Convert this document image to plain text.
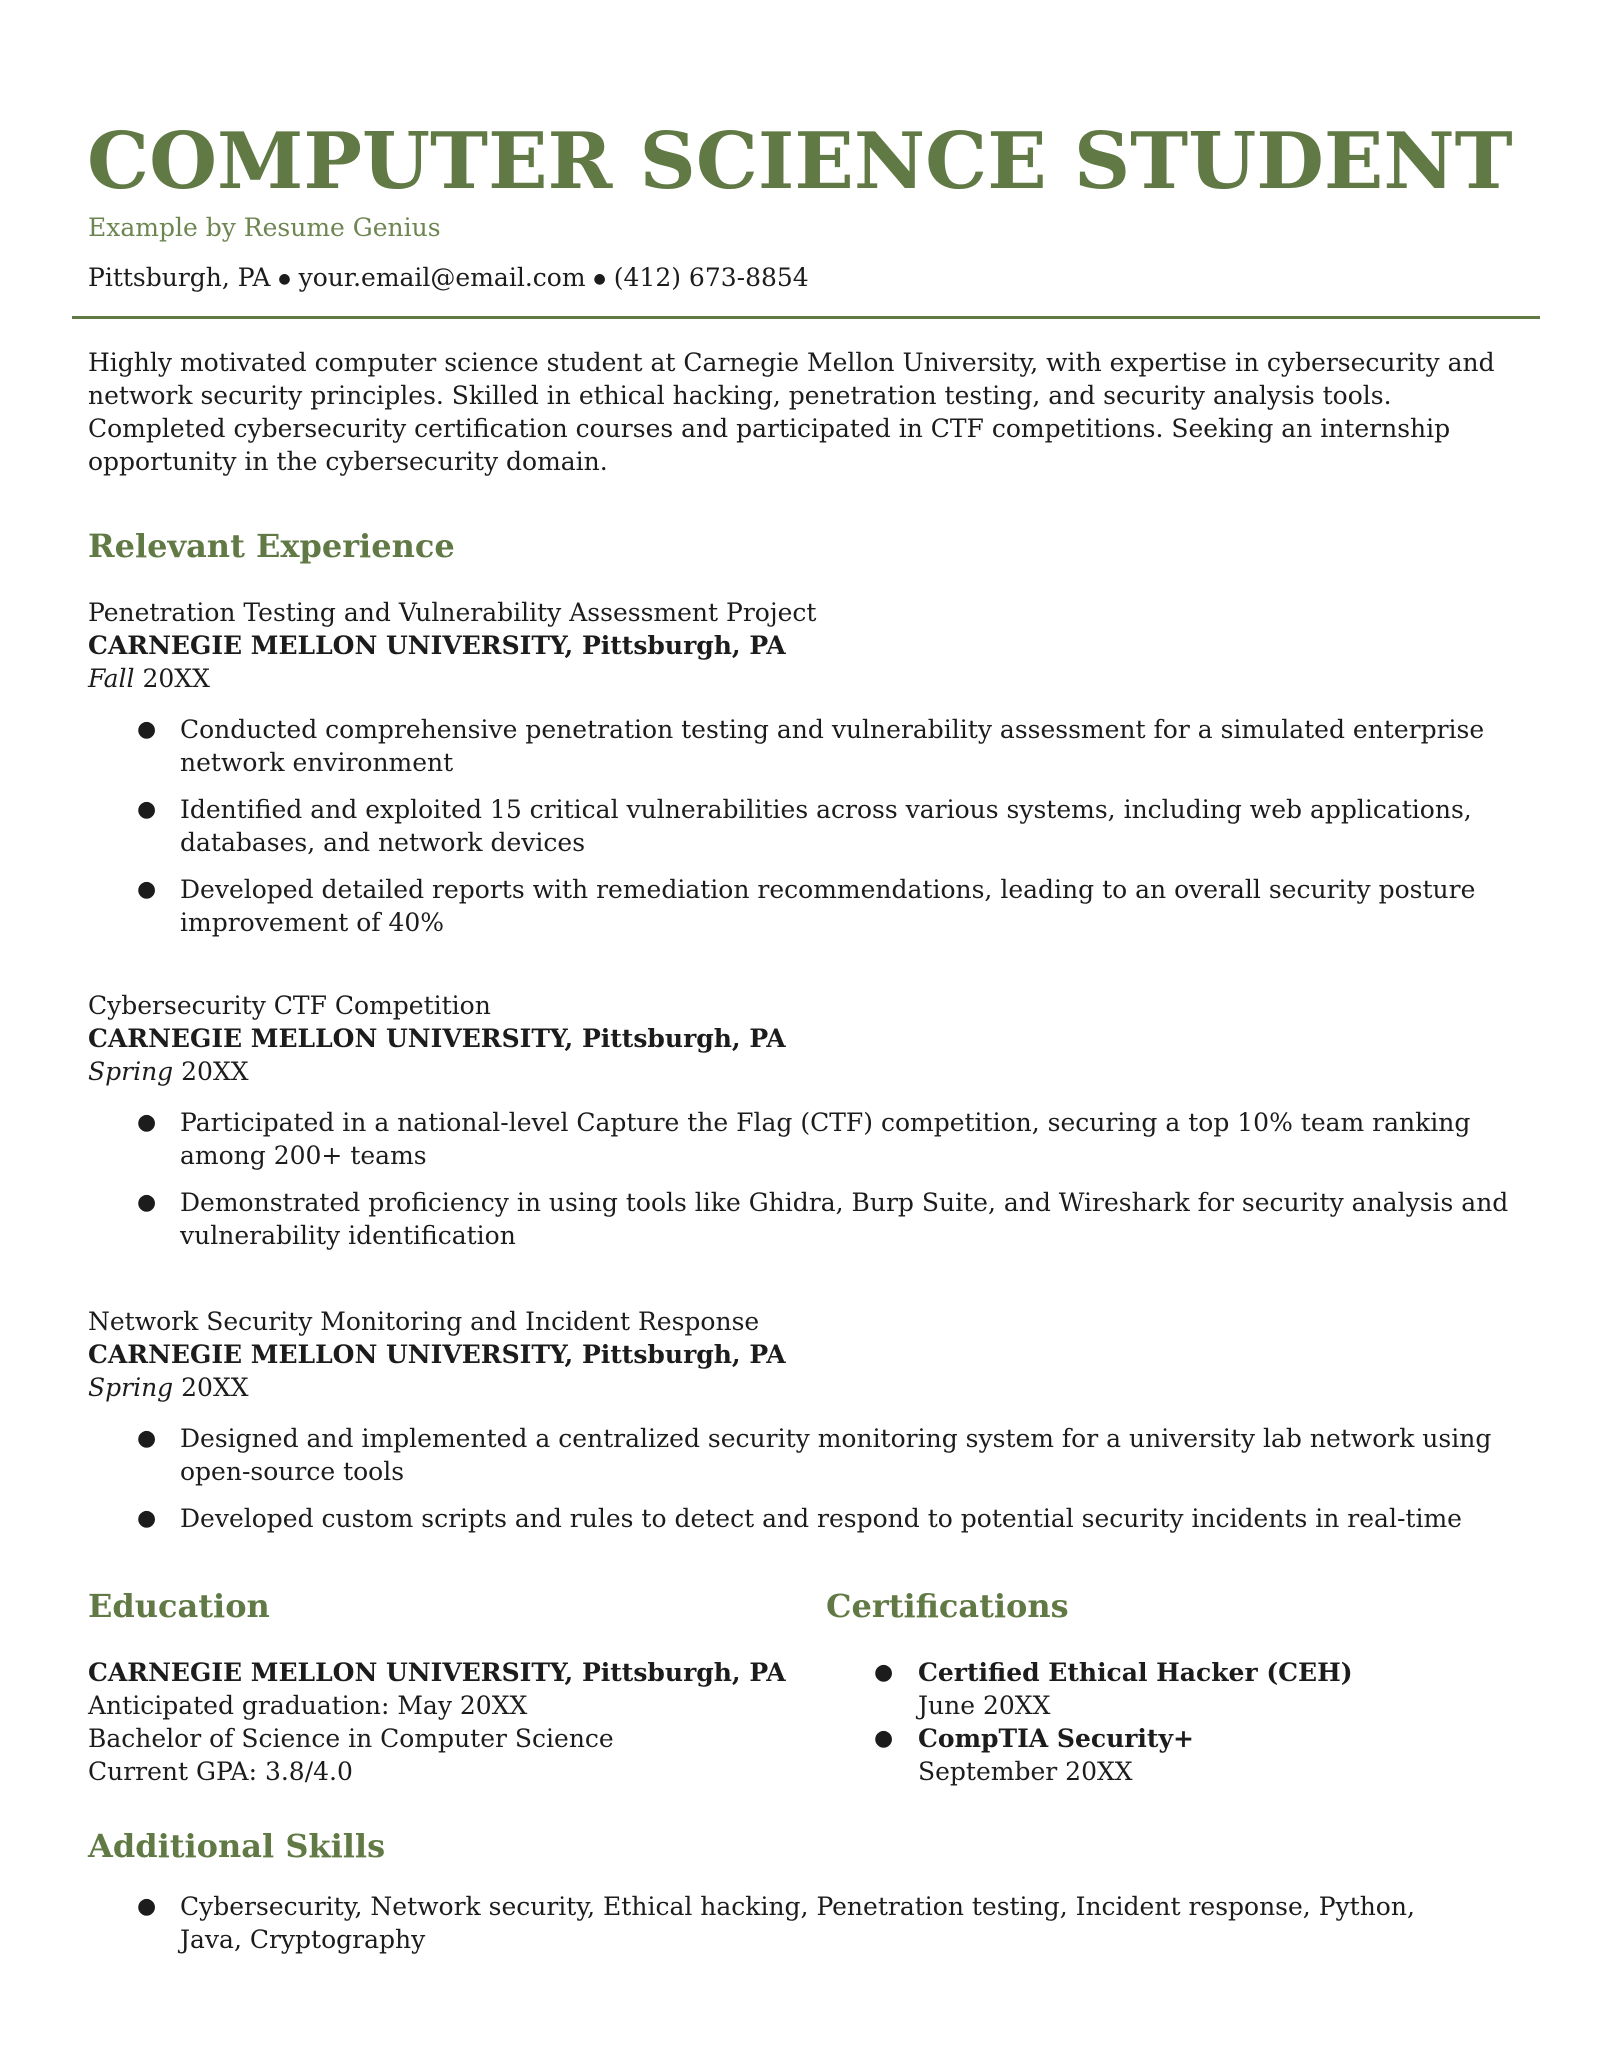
COMPUTER SCIENCE STUDENT
Example by Resume Genius
Pittsburgh, PA ● your.email@email.com ● (412) 673-8854

Highly motivated computer science student at Carnegie Mellon University, with expertise in cybersecurity and network security principles. Skilled in ethical hacking, penetration testing, and security analysis tools. Completed cybersecurity certification courses and participated in CTF competitions. Seeking an internship opportunity in the cybersecurity domain.

Relevant Experience
Penetration Testing and Vulnerability Assessment Project
CARNEGIE MELLON UNIVERSITY, Pittsburgh, PA
Fall 20XX
● Conducted comprehensive penetration testing and vulnerability assessment for a simulated enterprise network environment
● Identified and exploited 15 critical vulnerabilities across various systems, including web applications, databases, and network devices
● Developed detailed reports with remediation recommendations, leading to an overall security posture improvement of 40%
Cybersecurity CTF Competition
CARNEGIE MELLON UNIVERSITY, Pittsburgh, PA
Spring 20XX
● Participated in a national-level Capture the Flag (CTF) competition, securing a top 10% team ranking among 200+ teams
● Demonstrated proficiency in using tools like Ghidra, Burp Suite, and Wireshark for security analysis and vulnerability identification
Network Security Monitoring and Incident Response
CARNEGIE MELLON UNIVERSITY, Pittsburgh, PA
Spring 20XX
● Designed and implemented a centralized security monitoring system for a university lab network using open-source tools
● Developed custom scripts and rules to detect and respond to potential security incidents in real-time
Education	Certifications
CARNEGIE MELLON UNIVERSITY, Pittsburgh, PA
Anticipated graduation: May 20XX
Bachelor of Science in Computer Science
Current GPA: 3.8/4.0
● Certified Ethical Hacker (CEH)
June 20XX
● CompTIA Security+
September 20XX
Additional Skills
● Cybersecurity, Network security, Ethical hacking, Penetration testing, Incident response, Python, Java, Cryptography
